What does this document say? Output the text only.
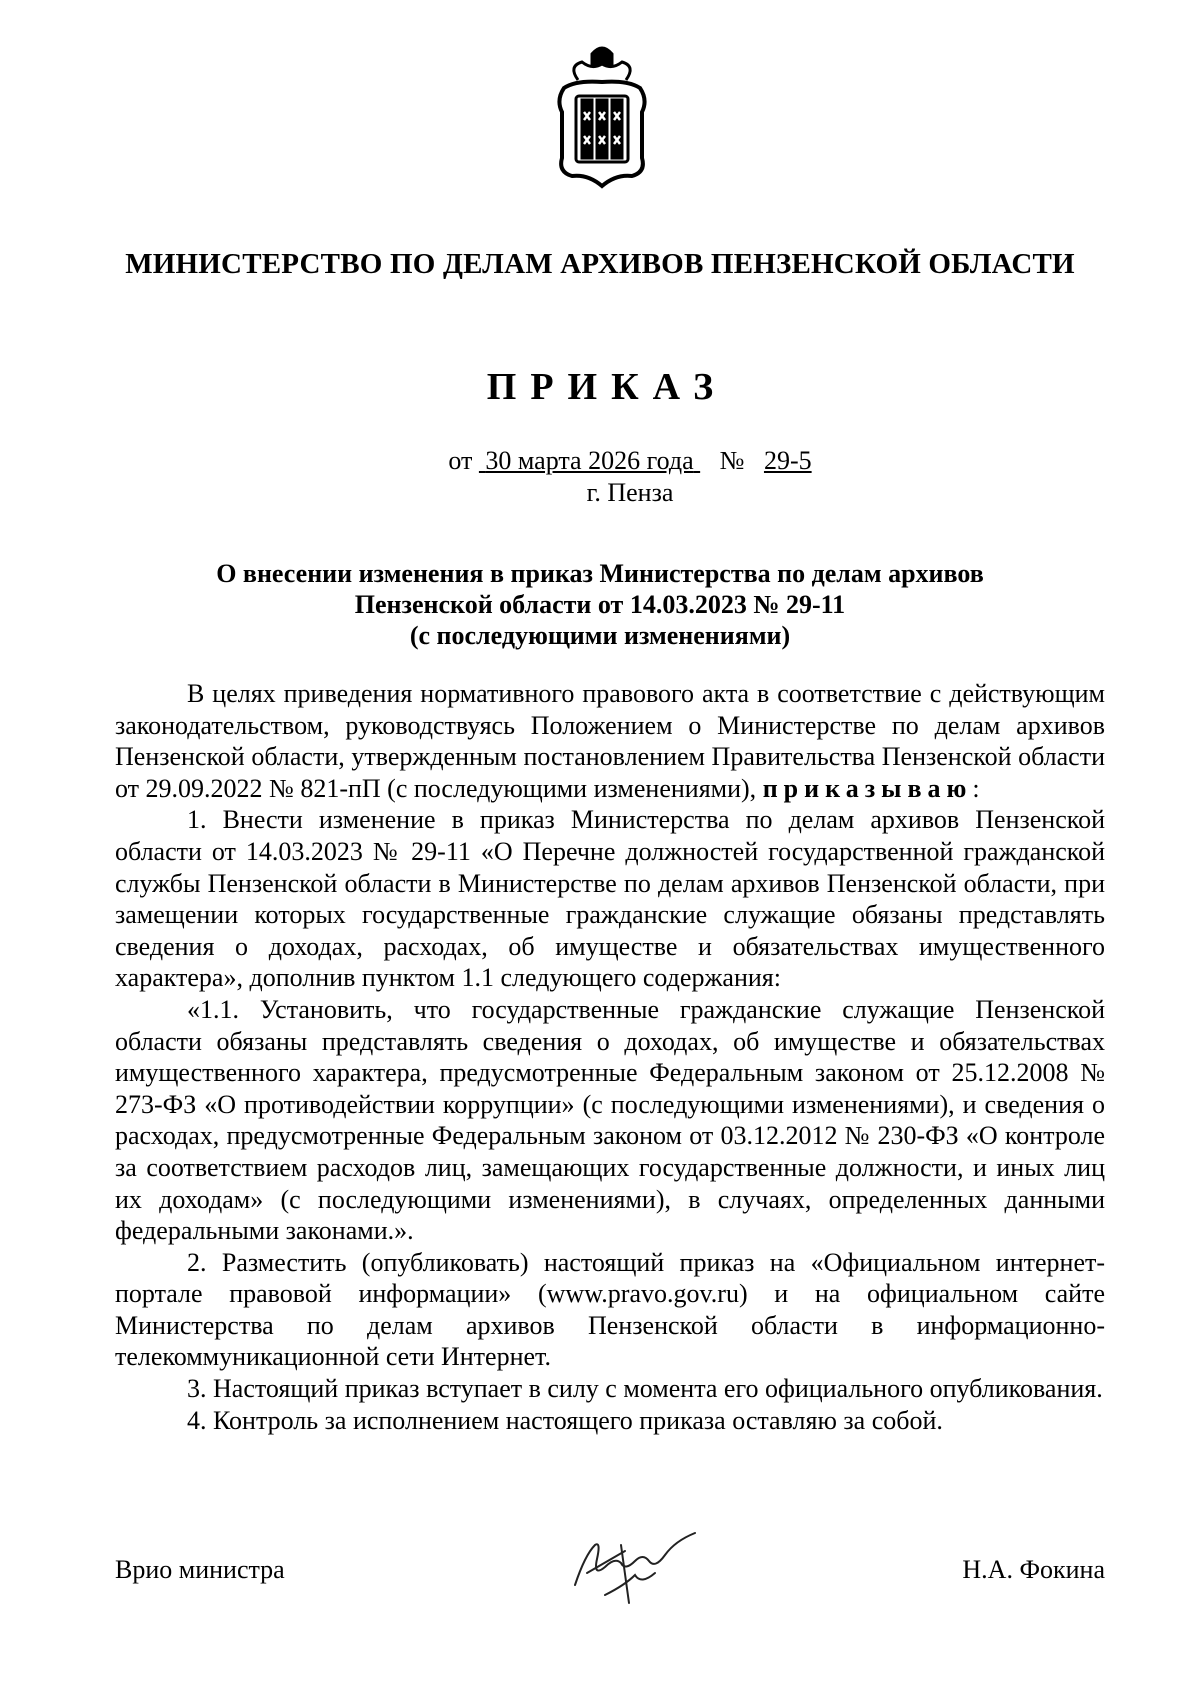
МИНИСТЕРСТВО ПО ДЕЛАМ АРХИВОВ ПЕНЗЕНСКОЙ ОБЛАСТИ
ПРИКАЗ
от 30 марта 2026 года № 29-5
г. Пенза
О внесении изменения в приказ Министерства по делам архивов
Пензенской области от 14.03.2023 № 29-11
(с последующими изменениями)

В целях приведения нормативного правового акта в соответствие с действующим законодательством, руководствуясь Положением о Министерстве по делам архивов Пензенской области, утвержденным постановлением Правительства Пензенской области от 29.09.2022 № 821-пП (с последующими изменениями), приказываю:

1. Внести изменение в приказ Министерства по делам архивов Пензенской области от 14.03.2023 № 29-11 «О Перечне должностей государственной гражданской службы Пензенской области в Министерстве по делам архивов Пензенской области, при замещении которых государственные гражданские служащие обязаны представлять сведения о доходах, расходах, об имуществе и обязательствах имущественного характера», дополнив пунктом 1.1 следующего содержания:

«1.1. Установить, что государственные гражданские служащие Пензенской области обязаны представлять сведения о доходах, об имуществе и обязательствах имущественного характера, предусмотренные Федеральным законом от 25.12.2008 № 273-ФЗ «О противодействии коррупции» (с последующими изменениями), и сведения о расходах, предусмотренные Федеральным законом от 03.12.2012 № 230-ФЗ «О контроле за соответствием расходов лиц, замещающих государственные должности, и иных лиц их доходам» (с последующими изменениями), в случаях, определенных данными федеральными законами.».

2. Разместить (опубликовать) настоящий приказ на «Официальном интернет-портале правовой информации» (www.pravo.gov.ru) и на официальном сайте Министерства по делам архивов Пензенской области в информационно-телекоммуникационной сети Интернет.

3. Настоящий приказ вступает в силу с момента его официального опубликования.

4. Контроль за исполнением настоящего приказа оставляю за собой.

Врио министра	Н.А. Фокина
